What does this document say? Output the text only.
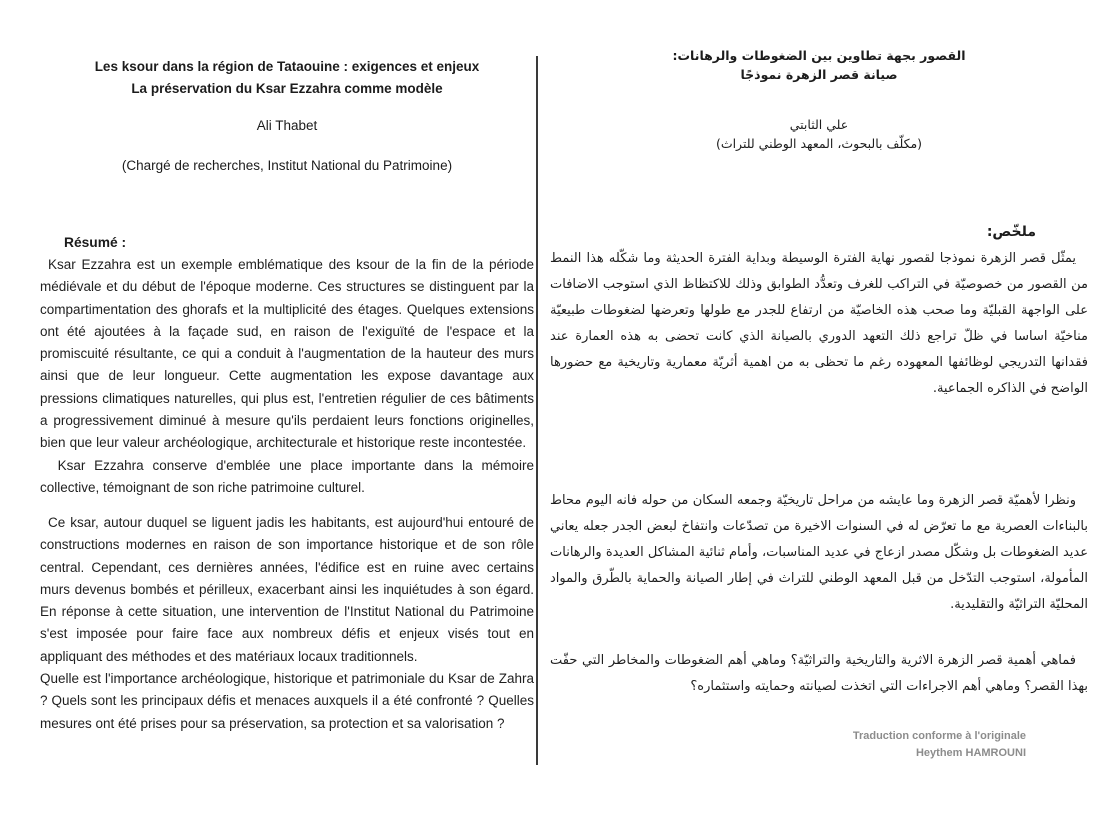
Les ksour dans la région de Tataouine : exigences et enjeux
La préservation du Ksar Ezzahra comme modèle
Ali Thabet
(Chargé de recherches, Institut National du Patrimoine)
Résumé :

Ksar Ezzahra est un exemple emblématique des ksour de la fin de la période médiévale et du début de l'époque moderne. Ces structures se distinguent par la compartimentation des ghorafs et la multiplicité des étages. Quelques extensions ont été ajoutées à la façade sud, en raison de l'exiguïté de l'espace et la promiscuité résultante, ce qui a conduit à l'augmentation de la hauteur des murs ainsi que de leur longueur. Cette augmentation les expose davantage aux pressions climatiques naturelles, qui plus est, l'entretien régulier de ces bâtiments a progressivement diminué à mesure qu'ils perdaient leurs fonctions originelles, bien que leur valeur archéologique, architecturale et historique reste incontestée.     Ksar Ezzahra conserve d'emblée une place importante dans la mémoire collective, témoignant de son riche patrimoine culturel.

Ce ksar, autour duquel se liguent jadis les habitants, est aujourd'hui entouré de constructions modernes en raison de son importance historique et de son rôle central. Cependant, ces dernières années, l'édifice est en ruine avec certains murs devenus bombés et périlleux, exacerbant ainsi les inquiétudes à son égard. En réponse à cette situation, une intervention de l'Institut National du Patrimoine s'est imposée pour faire face aux nombreux défis et enjeux visés tout en appliquant des méthodes et des matériaux locaux traditionnels.

Quelle est l'importance archéologique, historique et patrimoniale du Ksar de Zahra ? Quels sont les principaux défis et menaces auxquels il a été confronté ? Quelles mesures ont été prises pour sa préservation, sa protection et sa valorisation ?

القصور بجهة تطاوين بين الضغوطات والرهانات:
صيانة قصر الزهرة نموذجًا
علي الثابتي
(مكلّف بالبحوث، المعهد الوطني للتراث)
ملخّص:

يمثّل قصر الزهرة نموذجا لقصور نهاية الفترة الوسيطة وبداية الفترة الحديثة وما شكّله هذا النمط من القصور من خصوصيّة في التراكب للغرف وتعدُّد الطوابق وذلك للاكتظاظ الذي استوجب الاضافات على الواجهة القبليّة وما صحب هذه الخاصيّة من ارتفاع للجدر مع طولها وتعرضها لضغوطات طبيعيّة مناخيّة اساسا في ظلّ تراجع ذلك التعهد الدوري بالصيانة الذي كانت تحضى به هذه العمارة عند فقدانها التدريجي لوظائفها المعهوده رغم ما تحظى به من اهمية أثريّة معمارية وتاريخية مع حضورها الواضح في الذاكره الجماعية.

ونظرا لأهميّة قصر الزهرة وما عايشه من مراحل تاريخيّة وجمعه السكان من حوله فانه اليوم محاط بالبناءات العصرية مع ما تعرّض له في السنوات الاخيرة من تصدّعات وانتفاخ لبعض الجدر جعله يعاني عديد الضغوطات بل وشكّل مصدر ازعاج في عديد المناسبات، وأمام ثنائية المشاكل العديدة والرهانات المأمولة، استوجب التدّخل من قبل المعهد الوطني للتراث في إطار الصيانة والحماية بالطّرق والمواد المحليّة التراثيّة والتقليدية.

فماهي أهمية قصر الزهرة الاثرية والتاريخية والتراثيّة؟ وماهي أهم الضغوطات والمخاطر التي حفّت بهذا القصر؟ وماهي أهم الاجراءات التي اتخذت لصيانته وحمايته واستثماره؟

Traduction conforme à l'originale
Heythem HAMROUNI
